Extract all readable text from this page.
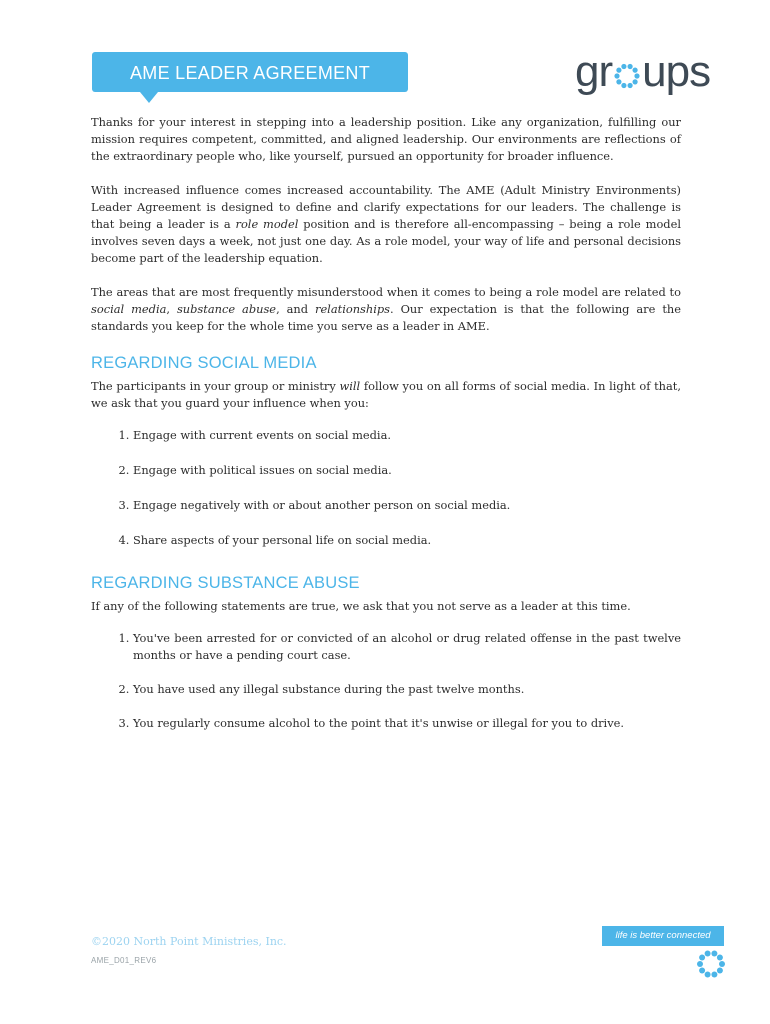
AME LEADER AGREEMENT	gr ups

Thanks for your interest in stepping into a leadership position. Like any organization, fulfilling our mission requires competent, committed, and aligned leadership. Our environments are reflections of the extraordinary people who, like yourself, pursued an opportunity for broader influence.

With increased influence comes increased accountability. The AME (Adult Ministry Environments) Leader Agreement is designed to define and clarify expectations for our leaders. The challenge is that being a leader is a role model position and is therefore all-encompassing – being a role model involves seven days a week, not just one day. As a role model, your way of life and personal decisions become part of the leadership equation.

The areas that are most frequently misunderstood when it comes to being a role model are related to social media, substance abuse, and relationships. Our expectation is that the following are the standards you keep for the whole time you serve as a leader in AME.

REGARDING SOCIAL MEDIA

The participants in your group or ministry will follow you on all forms of social media. In light of that, we ask that you guard your influence when you:

1. Engage with current events on social media.
2. Engage with political issues on social media.
3. Engage negatively with or about another person on social media.
4. Share aspects of your personal life on social media.
REGARDING SUBSTANCE ABUSE

If any of the following statements are true, we ask that you not serve as a leader at this time.

1. You've been arrested for or convicted of an alcohol or drug related offense in the past twelve months or have a pending court case.
2. You have used any illegal substance during the past twelve months.
3. You regularly consume alcohol to the point that it's unwise or illegal for you to drive.
©2020 North Point Ministries, Inc.
AME_D01_REV6
life is better connected
